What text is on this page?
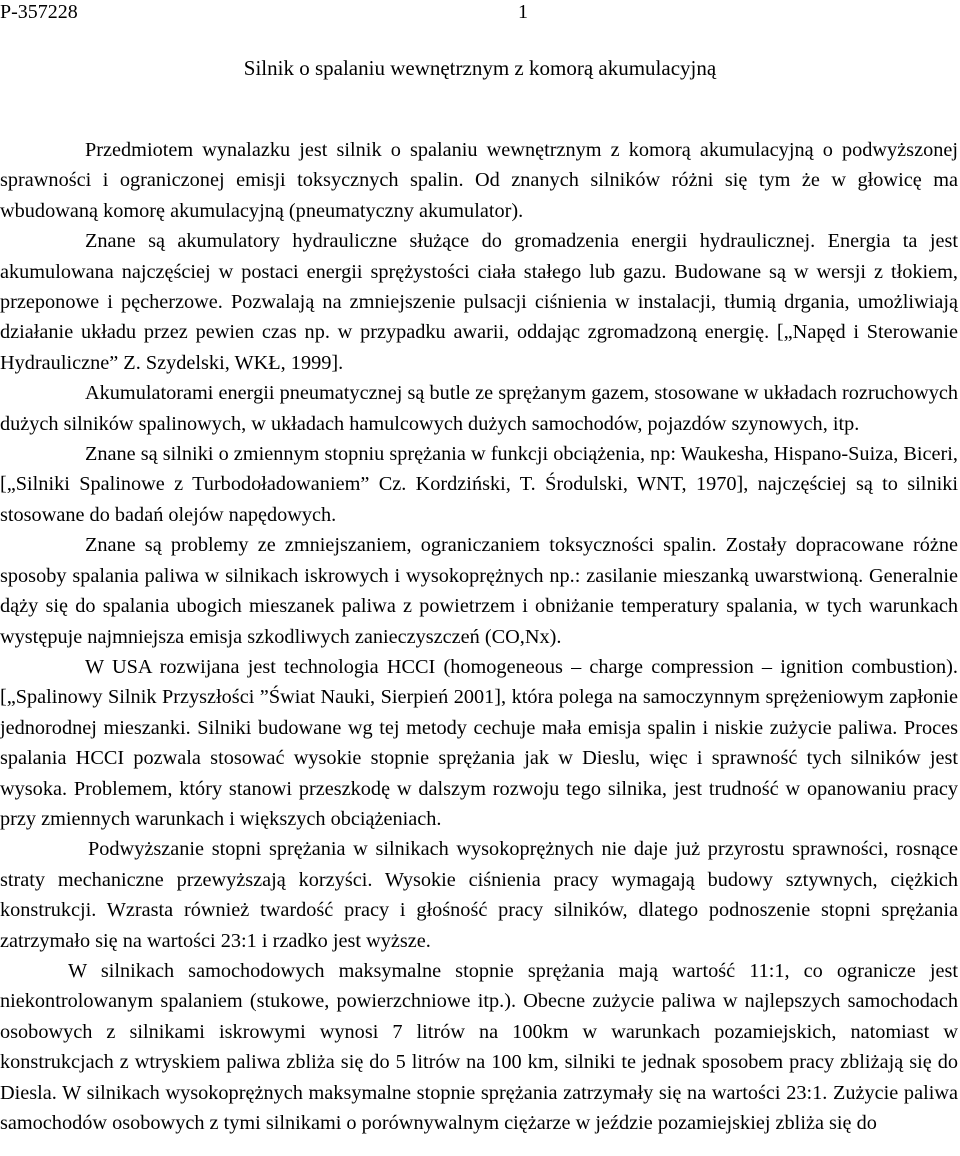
P-357228	1
Silnik o spalaniu wewnętrznym z komorą akumulacyjną

Przedmiotem wynalazku jest silnik o spalaniu wewnętrznym z komorą akumulacyjną o podwyższonej sprawności i ograniczonej emisji toksycznych spalin. Od znanych silników różni się tym że w głowicę ma wbudowaną komorę akumulacyjną (pneumatyczny akumulator).

Znane są akumulatory hydrauliczne służące do gromadzenia energii hydraulicznej. Energia ta jest akumulowana najczęściej w postaci energii sprężystości ciała stałego lub gazu. Budowane są w wersji z tłokiem, przeponowe i pęcherzowe. Pozwalają na zmniejszenie pulsacji ciśnienia w instalacji, tłumią drgania, umożliwiają działanie układu przez pewien czas np. w przypadku awarii, oddając zgromadzoną energię. [„Napęd i Sterowanie Hydrauliczne” Z. Szydelski, WKŁ, 1999].

Akumulatorami energii pneumatycznej są butle ze sprężanym gazem, stosowane w układach rozruchowych dużych silników spalinowych, w układach hamulcowych dużych samochodów, pojazdów szynowych, itp.

Znane są silniki o zmiennym stopniu sprężania w funkcji obciążenia, np: Waukesha, Hispano-Suiza, Biceri, [„Silniki Spalinowe z Turbodoładowaniem” Cz. Kordziński, T. Środulski, WNT, 1970], najczęściej są to silniki stosowane do badań olejów napędowych.

Znane są problemy ze zmniejszaniem, ograniczaniem toksyczności spalin. Zostały dopracowane różne sposoby spalania paliwa w silnikach iskrowych i wysokoprężnych np.: zasilanie mieszanką uwarstwioną. Generalnie dąży się do spalania ubogich mieszanek paliwa z powietrzem i obniżanie temperatury spalania, w tych warunkach występuje najmniejsza emisja szkodliwych zanieczyszczeń (CO,Nx).

W USA rozwijana jest technologia HCCI (homogeneous – charge compression – ignition combustion). [„Spalinowy Silnik Przyszłości ”Świat Nauki, Sierpień 2001], która polega na samoczynnym sprężeniowym zapłonie jednorodnej mieszanki. Silniki budowane wg tej metody cechuje mała emisja spalin i niskie zużycie paliwa. Proces spalania HCCI pozwala stosować wysokie stopnie sprężania jak w Dieslu, więc i sprawność tych silników jest wysoka. Problemem, który stanowi przeszkodę w dalszym rozwoju tego silnika, jest trudność w opanowaniu pracy przy zmiennych warunkach i większych obciążeniach.

Podwyższanie stopni sprężania w silnikach wysokoprężnych nie daje już przyrostu sprawności, rosnące straty mechaniczne przewyższają korzyści. Wysokie ciśnienia pracy wymagają budowy sztywnych, ciężkich konstrukcji. Wzrasta również twardość pracy i głośność pracy silników, dlatego podnoszenie stopni sprężania zatrzymało się na wartości 23:1 i rzadko jest wyższe.

W silnikach samochodowych maksymalne stopnie sprężania mają wartość 11:1, co ogranicze jest niekontrolowanym spalaniem (stukowe, powierzchniowe itp.). Obecne zużycie paliwa w najlepszych samochodach osobowych z silnikami iskrowymi wynosi 7 litrów na 100km w warunkach pozamiejskich, natomiast w konstrukcjach z wtryskiem paliwa zbliża się do 5 litrów na 100 km, silniki te jednak sposobem pracy zbliżają się do Diesla. W silnikach wysokoprężnych maksymalne stopnie sprężania zatrzymały się na wartości 23:1. Zużycie paliwa samochodów osobowych z tymi silnikami o porównywalnym ciężarze w jeździe pozamiejskiej zbliża się do
